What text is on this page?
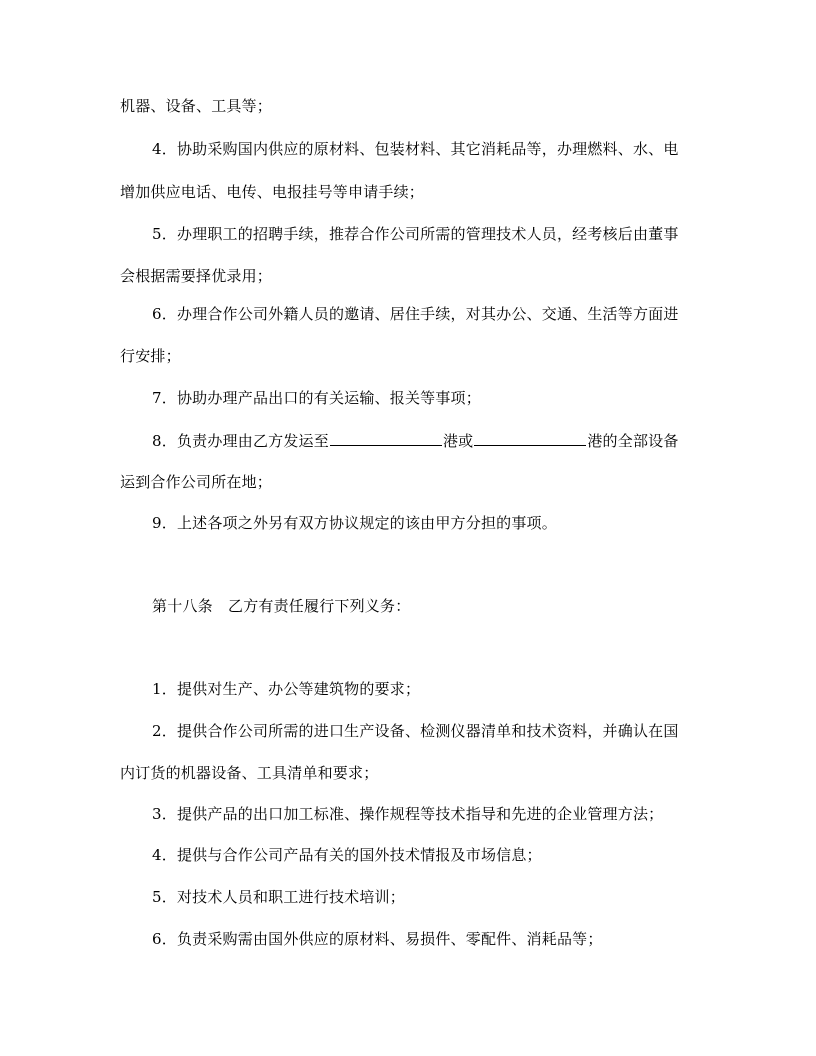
机器、设备、工具等；
4．协助采购国内供应的原材料、包装材料、其它消耗品等，办理燃料、水、电
增加供应电话、电传、电报挂号等申请手续；
5．办理职工的招聘手续，推荐合作公司所需的管理技术人员，经考核后由董事
会根据需要择优录用；
6．办理合作公司外籍人员的邀请、居住手续，对其办公、交通、生活等方面进
行安排；
7．协助办理产品出口的有关运输、报关等事项；
8．负责办理由乙方发运至	港或	港的全部设备
运到合作公司所在地；
9．上述各项之外另有双方协议规定的该由甲方分担的事项。
第十八条　乙方有责任履行下列义务：
1．提供对生产、办公等建筑物的要求；
2．提供合作公司所需的进口生产设备、检测仪器清单和技术资料，并确认在国
内订货的机器设备、工具清单和要求；
3．提供产品的出口加工标准、操作规程等技术指导和先进的企业管理方法；
4．提供与合作公司产品有关的国外技术情报及市场信息；
5．对技术人员和职工进行技术培训；
6．负责采购需由国外供应的原材料、易损件、零配件、消耗品等；
